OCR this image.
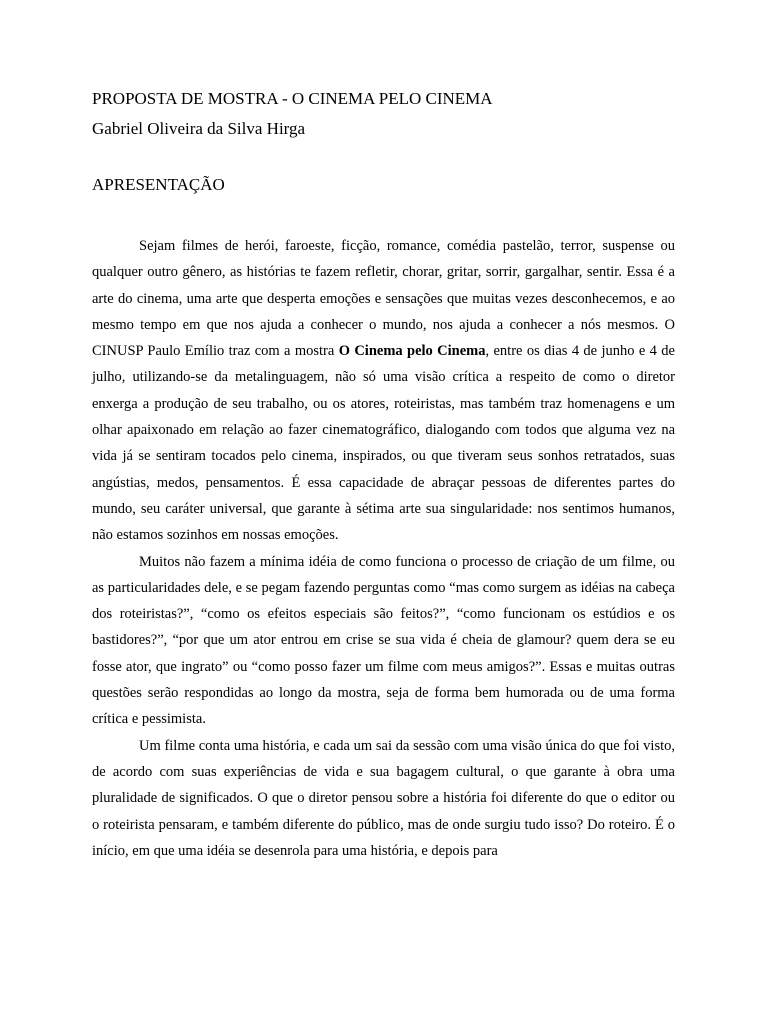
PROPOSTA DE MOSTRA - O CINEMA PELO CINEMA

Gabriel Oliveira da Silva Hirga

APRESENTAÇÃO

Sejam filmes de herói, faroeste, ficção, romance, comédia pastelão, terror, suspense ou qualquer outro gênero, as histórias te fazem refletir, chorar, gritar, sorrir, gargalhar, sentir. Essa é a arte do cinema, uma arte que desperta emoções e sensações que muitas vezes desconhecemos, e ao mesmo tempo em que nos ajuda a conhecer o mundo, nos ajuda a conhecer a nós mesmos. O CINUSP Paulo Emílio traz com a mostra O Cinema pelo Cinema, entre os dias 4 de junho e 4 de julho, utilizando-se da metalinguagem, não só uma visão crítica a respeito de como o diretor enxerga a produção de seu trabalho, ou os atores, roteiristas, mas também traz homenagens e um olhar apaixonado em relação ao fazer cinematográfico, dialogando com todos que alguma vez na vida já se sentiram tocados pelo cinema, inspirados, ou que tiveram seus sonhos retratados, suas angústias, medos, pensamentos. É essa capacidade de abraçar pessoas de diferentes partes do mundo, seu caráter universal, que garante à sétima arte sua singularidade: nos sentimos humanos, não estamos sozinhos em nossas emoções.

Muitos não fazem a mínima idéia de como funciona o processo de criação de um filme, ou as particularidades dele, e se pegam fazendo perguntas como “mas como surgem as idéias na cabeça dos roteiristas?”, “como os efeitos especiais são feitos?”, “como funcionam os estúdios e os bastidores?”, “por que um ator entrou em crise se sua vida é cheia de glamour? quem dera se eu fosse ator, que ingrato” ou “como posso fazer um filme com meus amigos?”. Essas e muitas outras questões serão respondidas ao longo da mostra, seja de forma bem humorada ou de uma forma crítica e pessimista.

Um filme conta uma história, e cada um sai da sessão com uma visão única do que foi visto, de acordo com suas experiências de vida e sua bagagem cultural, o que garante à obra uma pluralidade de significados. O que o diretor pensou sobre a história foi diferente do que o editor ou o roteirista pensaram, e também diferente do público, mas de onde surgiu tudo isso? Do roteiro. É o início, em que uma idéia se desenrola para uma história, e depois para
